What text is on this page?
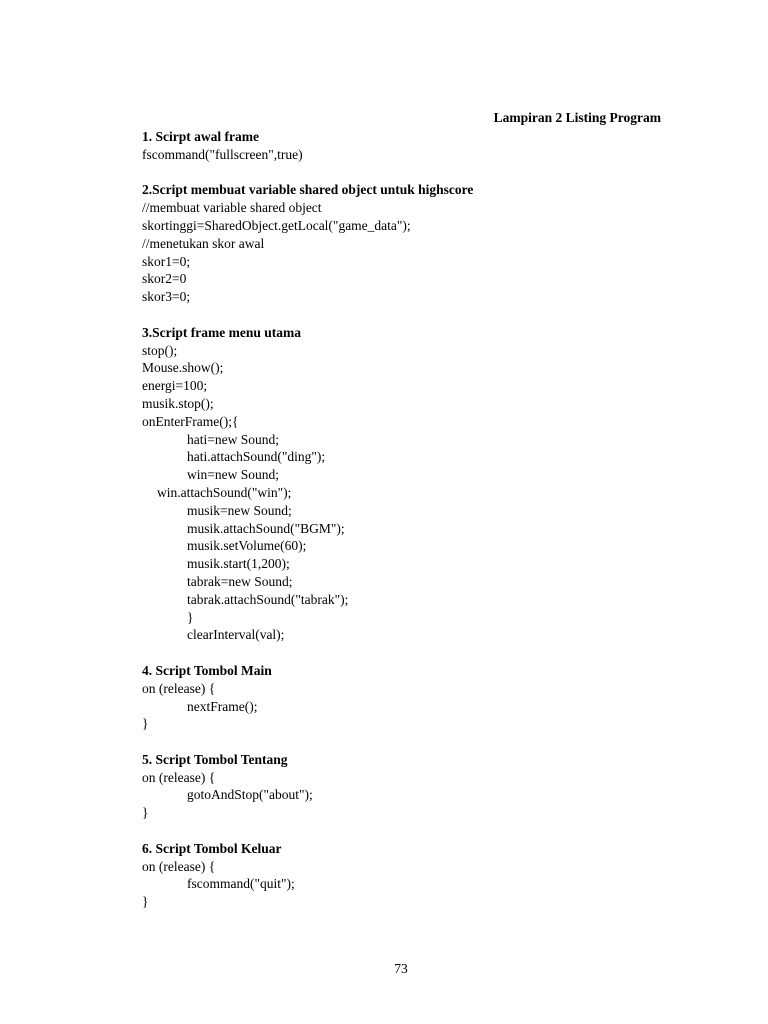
Lampiran 2 Listing Program
1. Scirpt awal frame
fscommand("fullscreen",true)
2.Script membuat variable shared object untuk highscore
//membuat variable shared object
skortinggi=SharedObject.getLocal("game_data");
//menetukan skor awal
skor1=0;
skor2=0
skor3=0;
3.Script frame menu utama
stop();
Mouse.show();
energi=100;
musik.stop();
onEnterFrame();{
hati=new Sound;
hati.attachSound("ding");
win=new Sound;
win.attachSound("win");
musik=new Sound;
musik.attachSound("BGM");
musik.setVolume(60);
musik.start(1,200);
tabrak=new Sound;
tabrak.attachSound("tabrak");
}
clearInterval(val);
4. Script Tombol Main
on (release) {
nextFrame();
}
5. Script Tombol Tentang
on (release) {
gotoAndStop("about");
}
6. Script Tombol Keluar
on (release) {
fscommand("quit");
}
73
